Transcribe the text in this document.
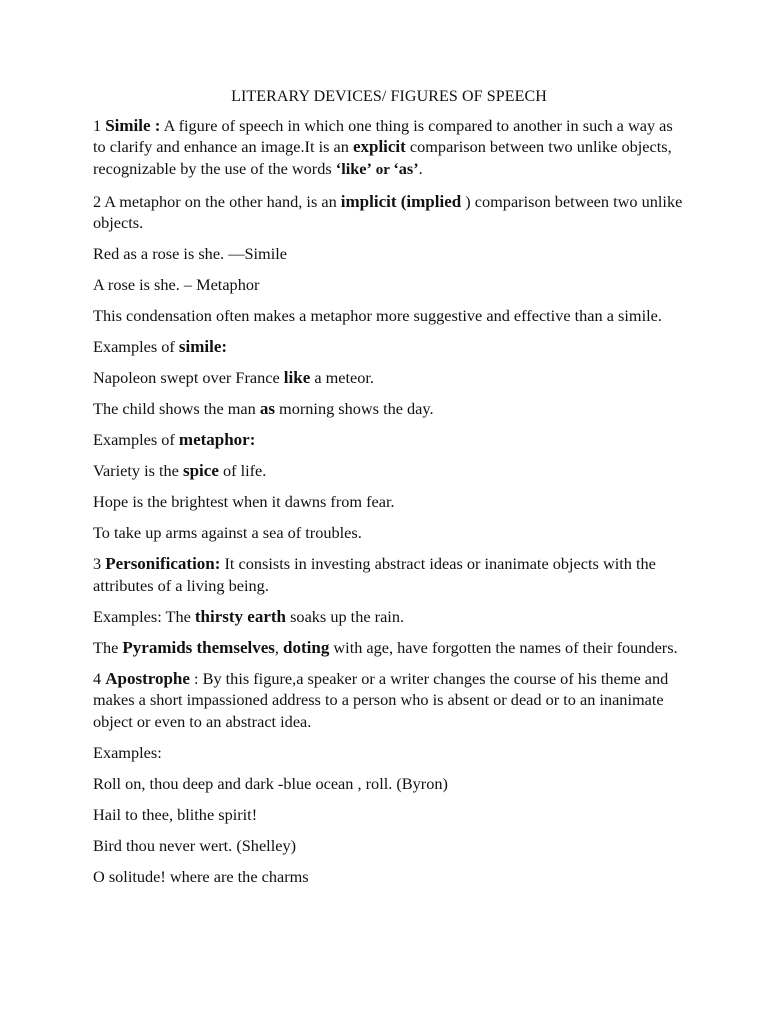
LITERARY DEVICES/ FIGURES OF SPEECH

1 Simile : A figure of speech in which one thing is compared to another in such a way as to clarify and enhance an image.It is an explicit comparison between two unlike objects, recognizable by the use of the words ‘like’ or ‘as’.

2 A metaphor on the other hand, is an implicit (implied ) comparison between two unlike objects.

Red as a rose is she. —Simile

A rose is she. – Metaphor

This condensation often makes a metaphor more suggestive and effective than a simile.

Examples of simile:

Napoleon swept over France like a meteor.

The child shows the man as morning shows the day.

Examples of metaphor:

Variety is the spice of life.

Hope is the brightest when it dawns from fear.

To take up arms against a sea of troubles.

3 Personification: It consists in investing abstract ideas or inanimate objects with the attributes of a living being.

Examples: The thirsty earth soaks up the rain.

The Pyramids themselves, doting with age, have forgotten the names of their founders.

4 Apostrophe : By this figure,a speaker or a writer changes the course of his theme and makes a short impassioned address to a person who is absent or dead or to an inanimate object or even to an abstract idea.

Examples:

Roll on, thou deep and dark -blue ocean , roll. (Byron)

Hail to thee, blithe spirit!

Bird thou never wert. (Shelley)

O solitude! where are the charms
